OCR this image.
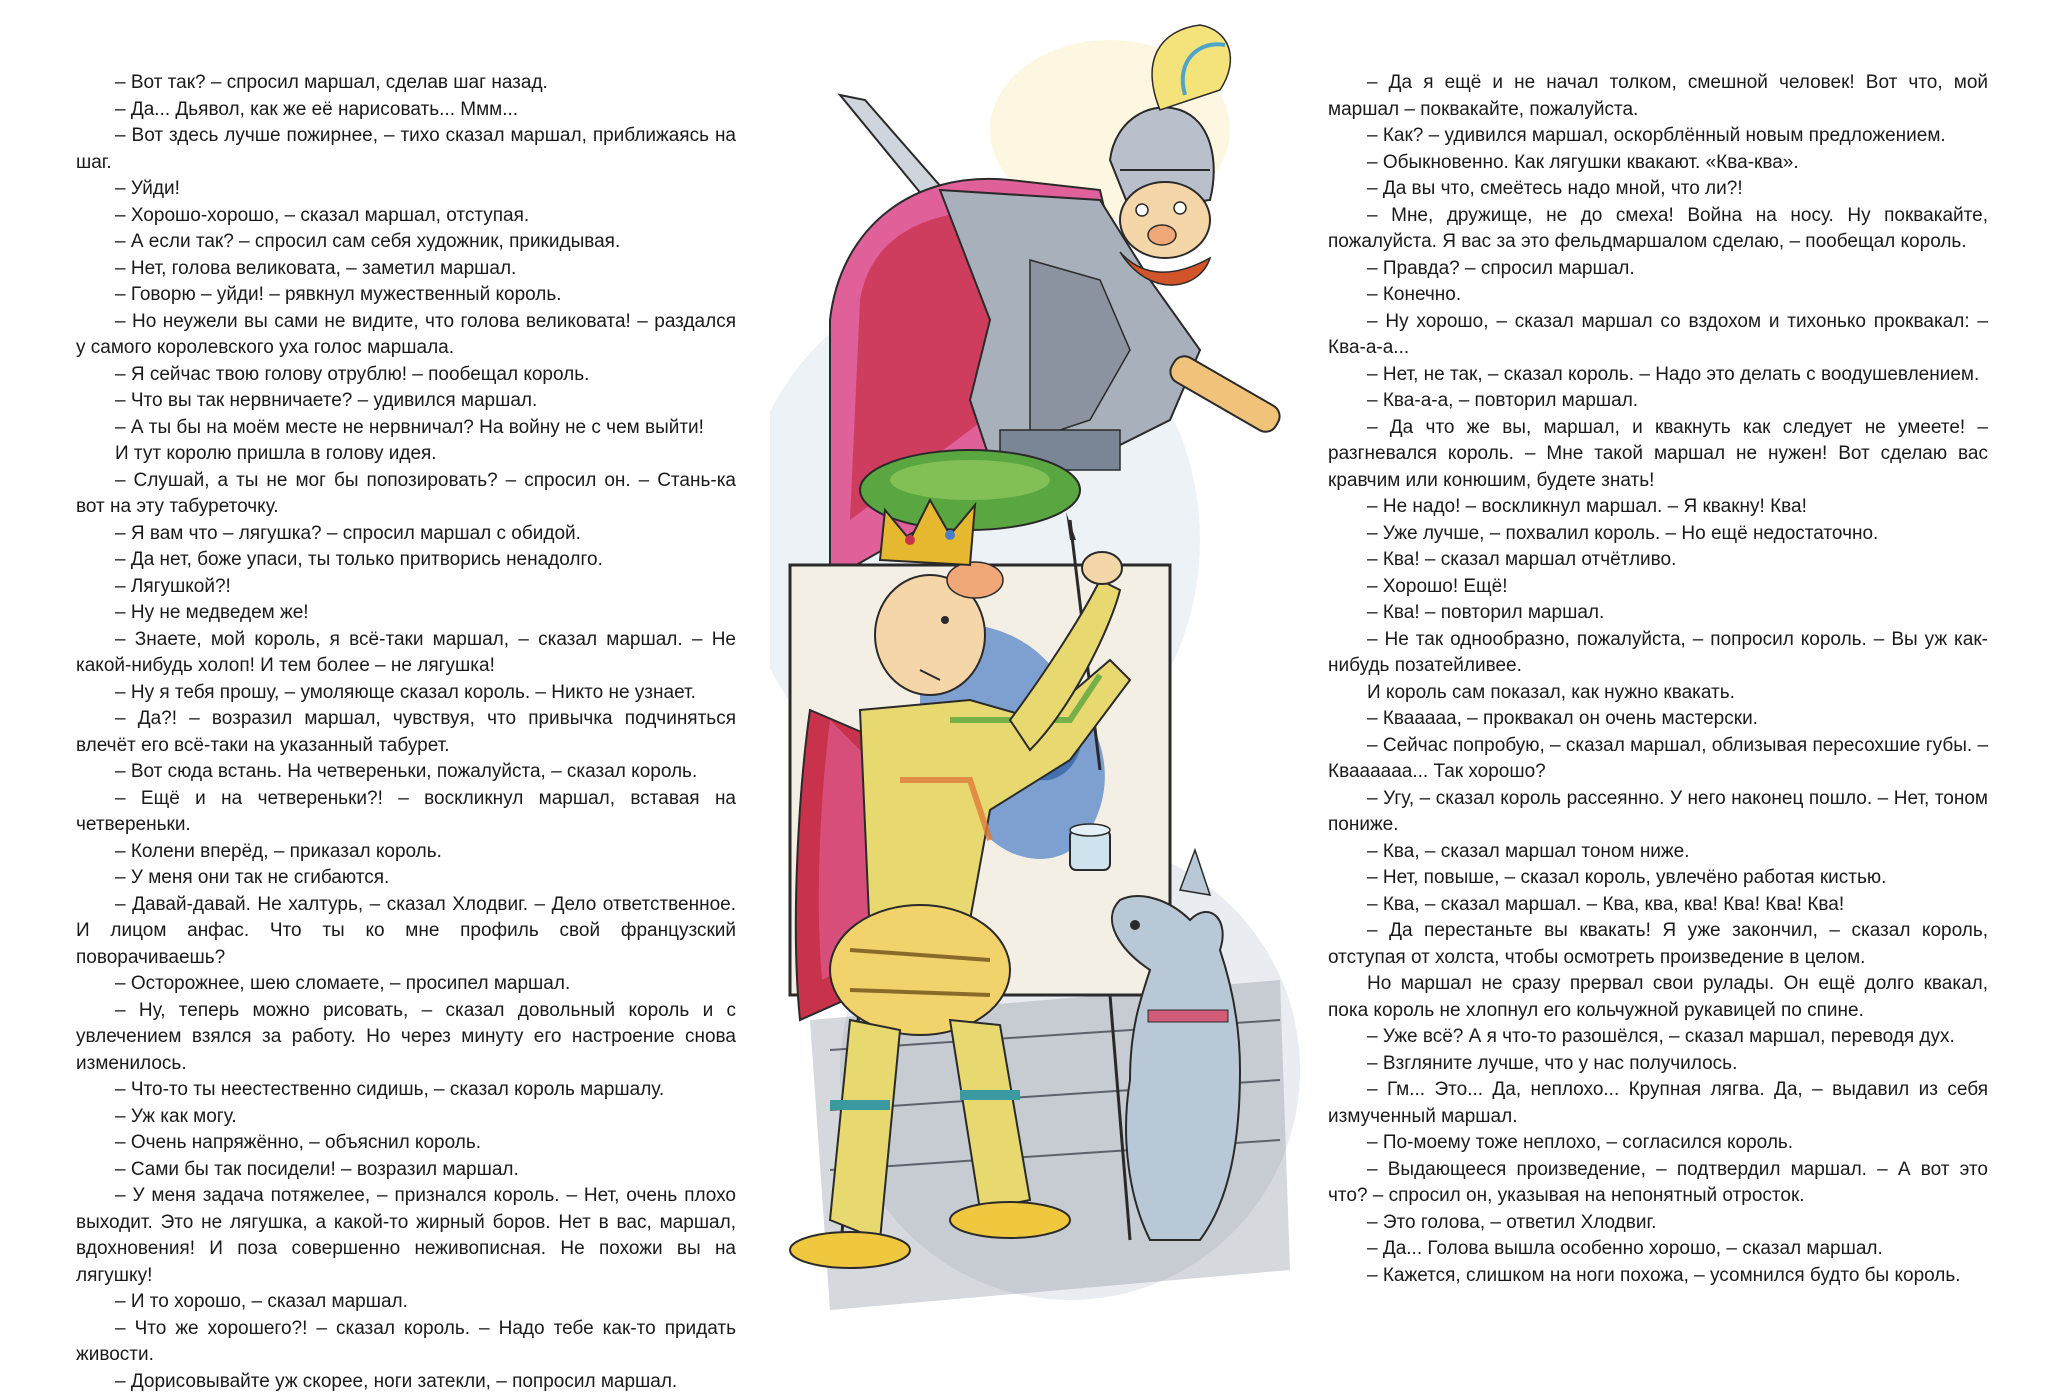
– Вот так? – спросил маршал, сделав шаг назад.

– Да... Дьявол, как же её нарисовать... Ммм...

– Вот здесь лучше пожирнее, – тихо сказал маршал, приближаясь на шаг.

– Уйди!

– Хорошо-хорошо, – сказал маршал, отступая.

– А если так? – спросил сам себя художник, прикидывая.

– Нет, голова великовата, – заметил маршал.

– Говорю – уйди! – рявкнул мужественный король.

– Но неужели вы сами не видите, что голова великовата! – раздался у самого королевского уха голос маршала.

– Я сейчас твою голову отрублю! – пообещал король.

– Что вы так нервничаете? – удивился маршал.

– А ты бы на моём месте не нервничал? На войну не с чем выйти!

И тут королю пришла в голову идея.

– Слушай, а ты не мог бы попозировать? – спросил он. – Стань-ка вот на эту табуреточку.

– Я вам что – лягушка? – спросил маршал с обидой.

– Да нет, боже упаси, ты только притворись ненадолго.

– Лягушкой?!

– Ну не медведем же!

– Знаете, мой король, я всё-таки маршал, – сказал маршал. – Не какой-нибудь холоп! И тем более – не лягушка!

– Ну я тебя прошу, – умоляюще сказал король. – Никто не узнает.

– Да?! – возразил маршал, чувствуя, что привычка подчиняться влечёт его всё-таки на указанный табурет.

– Вот сюда встань. На четвереньки, пожалуйста, – сказал король.

– Ещё и на четвереньки?! – воскликнул маршал, вставая на четвереньки.

– Колени вперёд, – приказал король.

– У меня они так не сгибаются.

– Давай-давай. Не халтурь, – сказал Хлодвиг. – Дело ответственное. И лицом анфас. Что ты ко мне профиль свой французский поворачиваешь?

– Осторожнее, шею сломаете, – просипел маршал.

– Ну, теперь можно рисовать, – сказал довольный король и с увлечением взялся за работу. Но через минуту его настроение снова изменилось.

– Что-то ты неестественно сидишь, – сказал король маршалу.

– Уж как могу.

– Очень напряжённо, – объяснил король.

– Сами бы так посидели! – возразил маршал.

– У меня задача потяжелее, – признался король. – Нет, очень плохо выходит. Это не лягушка, а какой-то жирный боров. Нет в вас, маршал, вдохновения! И поза совершенно неживописная. Не похожи вы на лягушку!

– И то хорошо, – сказал маршал.

– Что же хорошего?! – сказал король. – Надо тебе как-то придать живости.

– Дорисовывайте уж скорее, ноги затекли, – попросил маршал.

– Да я ещё и не начал толком, смешной человек! Вот что, мой маршал – поквакайте, пожалуйста.

– Как? – удивился маршал, оскорблённый новым предложением.

– Обыкновенно. Как лягушки квакают. «Ква-ква».

– Да вы что, смеётесь надо мной, что ли?!

– Мне, дружище, не до смеха! Война на носу. Ну поквакайте, пожалуйста. Я вас за это фельдмаршалом сделаю, – пообещал король.

– Правда? – спросил маршал.

– Конечно.

– Ну хорошо, – сказал маршал со вздохом и тихонько проквакал: – Ква-а-а...

– Нет, не так, – сказал король. – Надо это делать с воодушевлением.

– Ква-а-а, – повторил маршал.

– Да что же вы, маршал, и квакнуть как следует не умеете! – разгневался король. – Мне такой маршал не нужен! Вот сделаю вас кравчим или конюшим, будете знать!

– Не надо! – воскликнул маршал. – Я квакну! Ква!

– Уже лучше, – похвалил король. – Но ещё недостаточно.

– Ква! – сказал маршал отчётливо.

– Хорошо! Ещё!

– Ква! – повторил маршал.

– Не так однообразно, пожалуйста, – попросил король. – Вы уж как-нибудь позатейливее.

И король сам показал, как нужно квакать.

– Квааааа, – проквакал он очень мастерски.

– Сейчас попробую, – сказал маршал, облизывая пересохшие губы. – Кваааааа... Так хорошо?

– Угу, – сказал король рассеянно. У него наконец пошло. – Нет, тоном пониже.

– Ква, – сказал маршал тоном ниже.

– Нет, повыше, – сказал король, увлечёно работая кистью.

– Ква, – сказал маршал. – Ква, ква, ква! Ква! Ква! Ква!

– Да перестаньте вы квакать! Я уже закончил, – сказал король, отступая от холста, чтобы осмотреть произведение в целом.

Но маршал не сразу прервал свои рулады. Он ещё долго квакал, пока король не хлопнул его кольчужной рукавицей по спине.

– Уже всё? А я что-то разошёлся, – сказал маршал, переводя дух.

– Взгляните лучше, что у нас получилось.

– Гм... Это... Да, неплохо... Крупная лягва. Да, – выдавил из себя измученный маршал.

– По-моему тоже неплохо, – согласился король.

– Выдающееся произведение, – подтвердил маршал. – А вот это что? – спросил он, указывая на непонятный отросток.

– Это голова, – ответил Хлодвиг.

– Да... Голова вышла особенно хорошо, – сказал маршал.

– Кажется, слишком на ноги похожа, – усомнился будто бы король.
